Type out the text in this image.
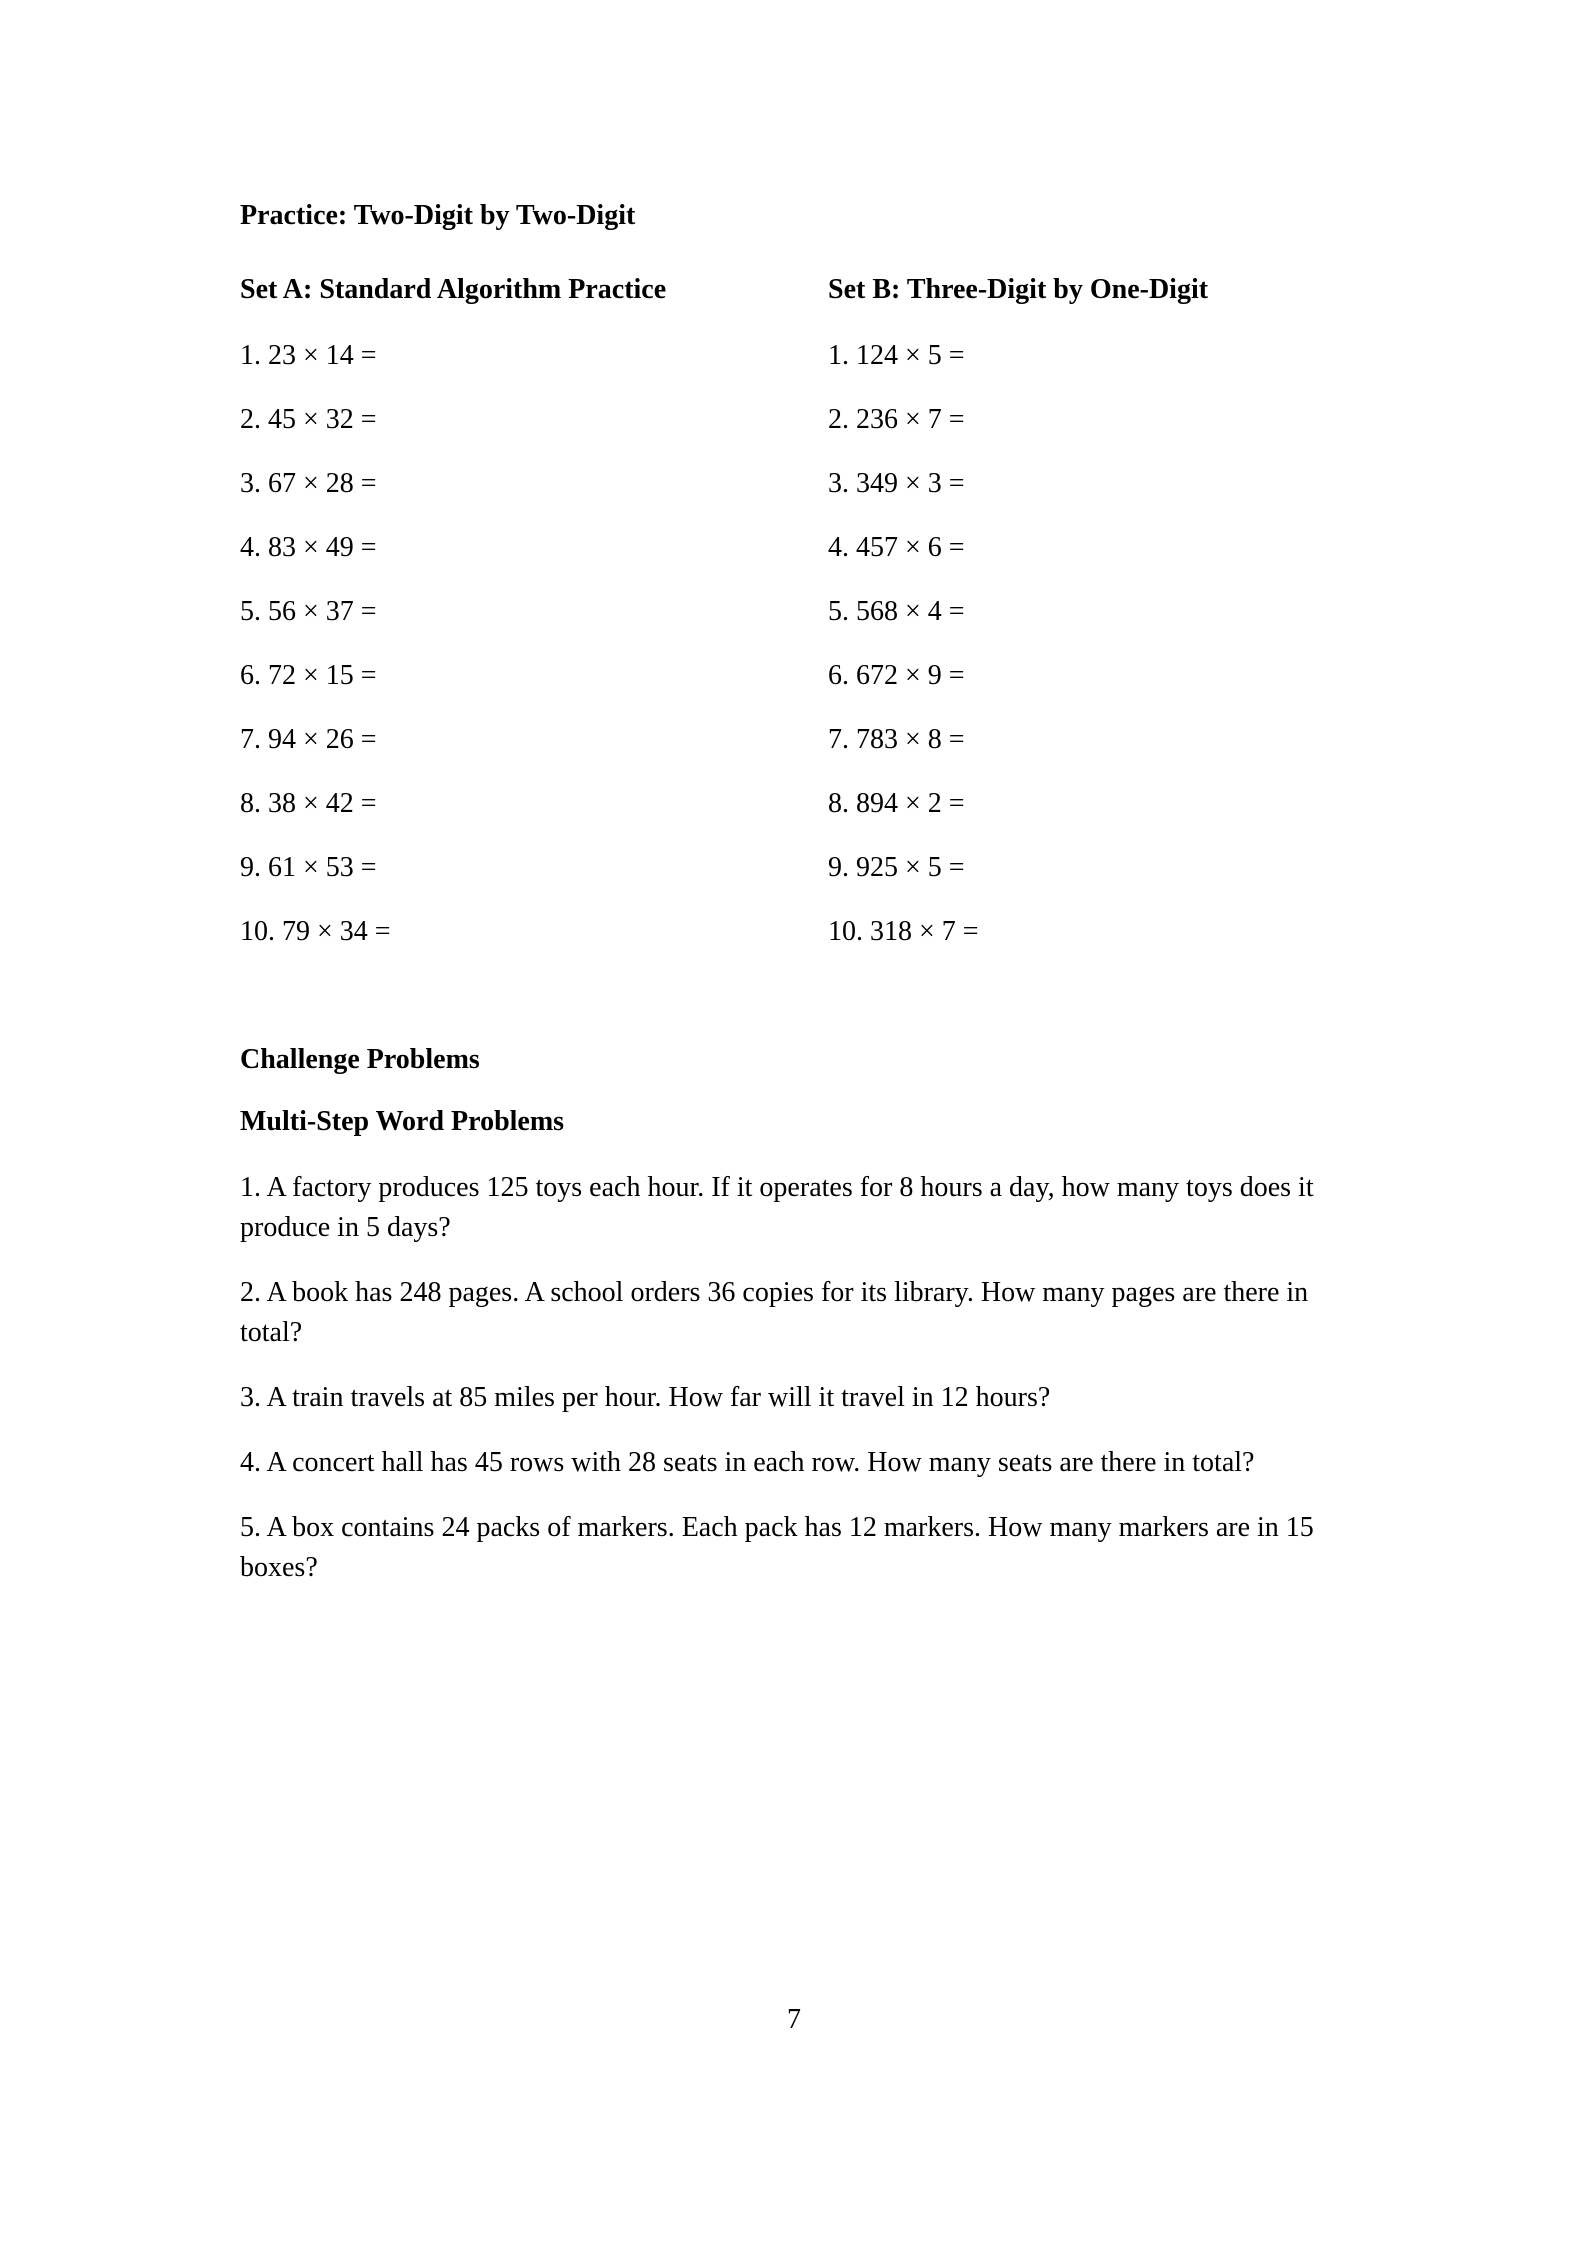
Practice: Two-Digit by Two-Digit
Set A: Standard Algorithm Practice

1. 23 × 14 =

2. 45 × 32 =

3. 67 × 28 =

4. 83 × 49 =

5. 56 × 37 =

6. 72 × 15 =

7. 94 × 26 =

8. 38 × 42 =

9. 61 × 53 =

10. 79 × 34 =

Set B: Three-Digit by One-Digit

1. 124 × 5 =

2. 236 × 7 =

3. 349 × 3 =

4. 457 × 6 =

5. 568 × 4 =

6. 672 × 9 =

7. 783 × 8 =

8. 894 × 2 =

9. 925 × 5 =

10. 318 × 7 =

Challenge Problems
Multi-Step Word Problems

1. A factory produces 125 toys each hour. If it operates for 8 hours a day, how many toys does it produce in 5 days?

2. A book has 248 pages. A school orders 36 copies for its library. How many pages are there in total?

3. A train travels at 85 miles per hour. How far will it travel in 12 hours?

4. A concert hall has 45 rows with 28 seats in each row. How many seats are there in total?

5. A box contains 24 packs of markers. Each pack has 12 markers. How many markers are in 15 boxes?

7
